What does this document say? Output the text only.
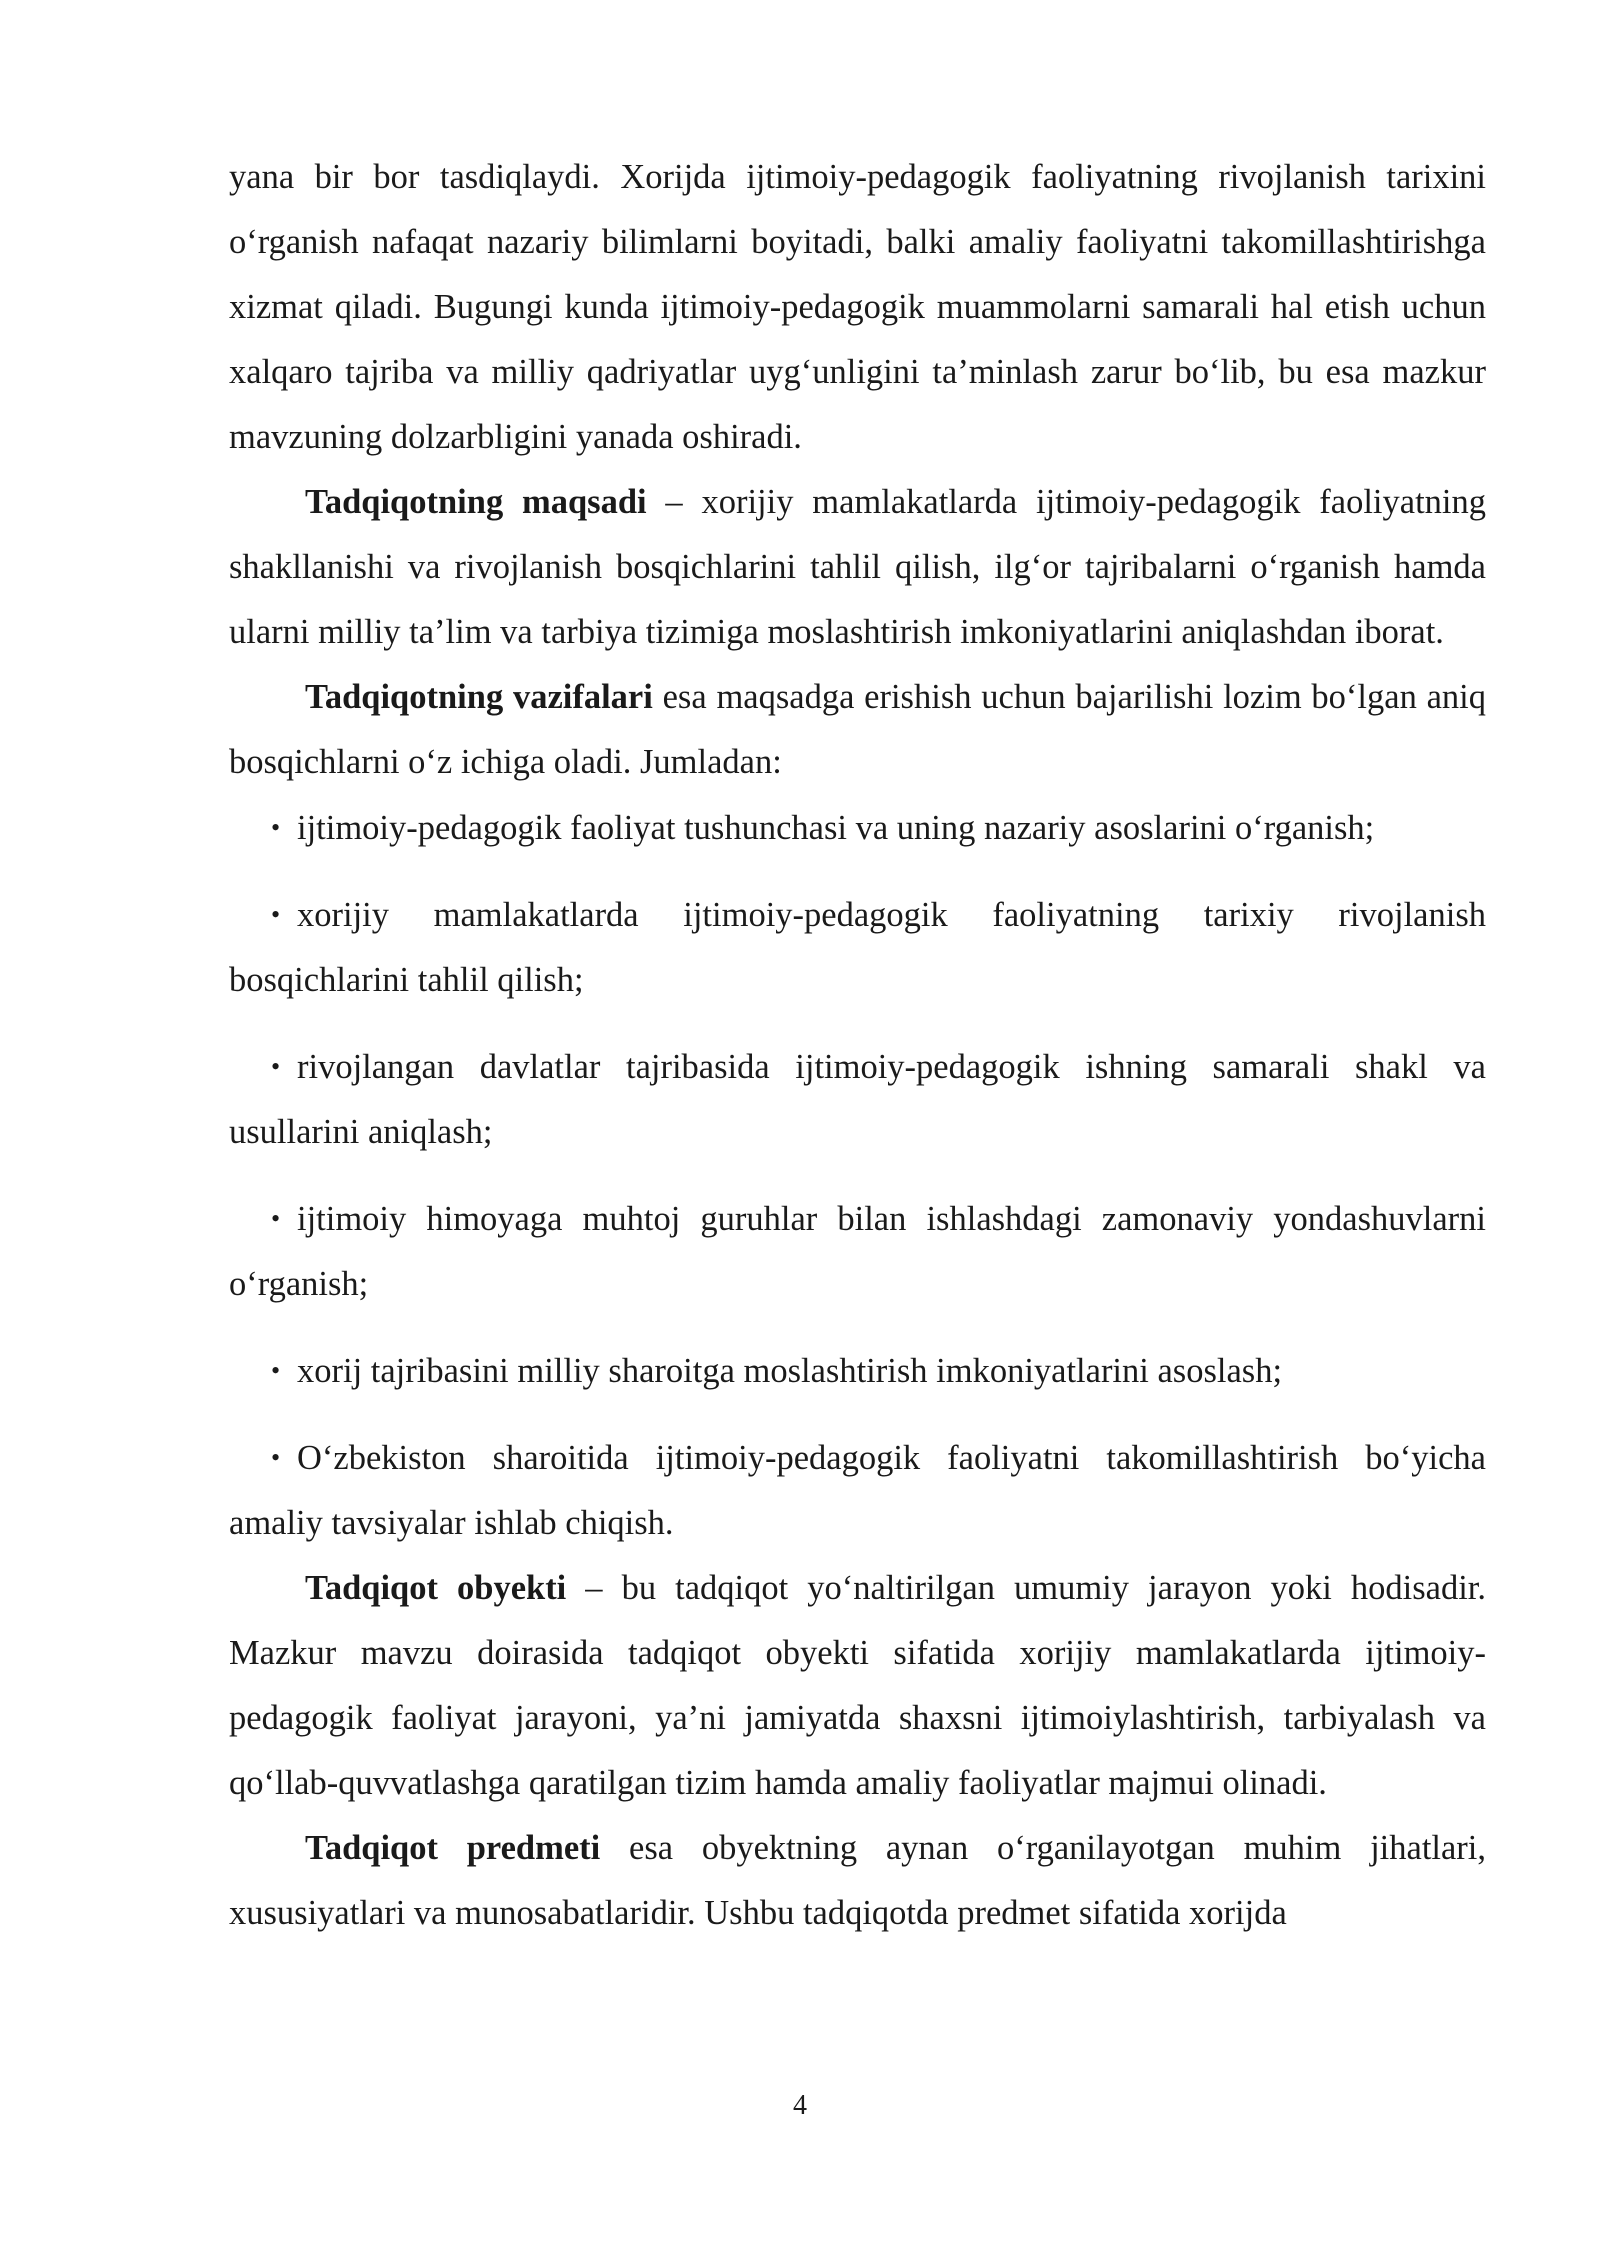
yana bir bor tasdiqlaydi. Xorijda ijtimoiy-pedagogik faoliyatning rivojlanish tarixini o‘rganish nafaqat nazariy bilimlarni boyitadi, balki amaliy faoliyatni takomillashtirishga xizmat qiladi. Bugungi kunda ijtimoiy-pedagogik muammolarni samarali hal etish uchun xalqaro tajriba va milliy qadriyatlar uyg‘unligini ta’minlash zarur bo‘lib, bu esa mazkur mavzuning dolzarbligini yanada oshiradi.

Tadqiqotning maqsadi – xorijiy mamlakatlarda ijtimoiy-pedagogik faoliyatning shakllanishi va rivojlanish bosqichlarini tahlil qilish, ilg‘or tajribalarni o‘rganish hamda ularni milliy ta’lim va tarbiya tizimiga moslashtirish imkoniyatlarini aniqlashdan iborat.

Tadqiqotning vazifalari esa maqsadga erishish uchun bajarilishi lozim bo‘lgan aniq bosqichlarni o‘z ichiga oladi. Jumladan:

• ijtimoiy-pedagogik faoliyat tushunchasi va uning nazariy asoslarini o‘rganish;

• xorijiy mamlakatlarda ijtimoiy-pedagogik faoliyatning tarixiy rivojlanish bosqichlarini tahlil qilish;

• rivojlangan davlatlar tajribasida ijtimoiy-pedagogik ishning samarali shakl va usullarini aniqlash;

• ijtimoiy himoyaga muhtoj guruhlar bilan ishlashdagi zamonaviy yondashuvlarni o‘rganish;

• xorij tajribasini milliy sharoitga moslashtirish imkoniyatlarini asoslash;

• O‘zbekiston sharoitida ijtimoiy-pedagogik faoliyatni takomillashtirish bo‘yicha amaliy tavsiyalar ishlab chiqish.

Tadqiqot obyekti – bu tadqiqot yo‘naltirilgan umumiy jarayon yoki hodisadir. Mazkur mavzu doirasida tadqiqot obyekti sifatida xorijiy mamlakatlarda ijtimoiy-pedagogik faoliyat jarayoni, ya’ni jamiyatda shaxsni ijtimoiylashtirish, tarbiyalash va qo‘llab-quvvatlashga qaratilgan tizim hamda amaliy faoliyatlar majmui olinadi.

Tadqiqot predmeti esa obyektning aynan o‘rganilayotgan muhim jihatlari, xususiyatlari va munosabatlaridir. Ushbu tadqiqotda predmet sifatida xorijda

4
